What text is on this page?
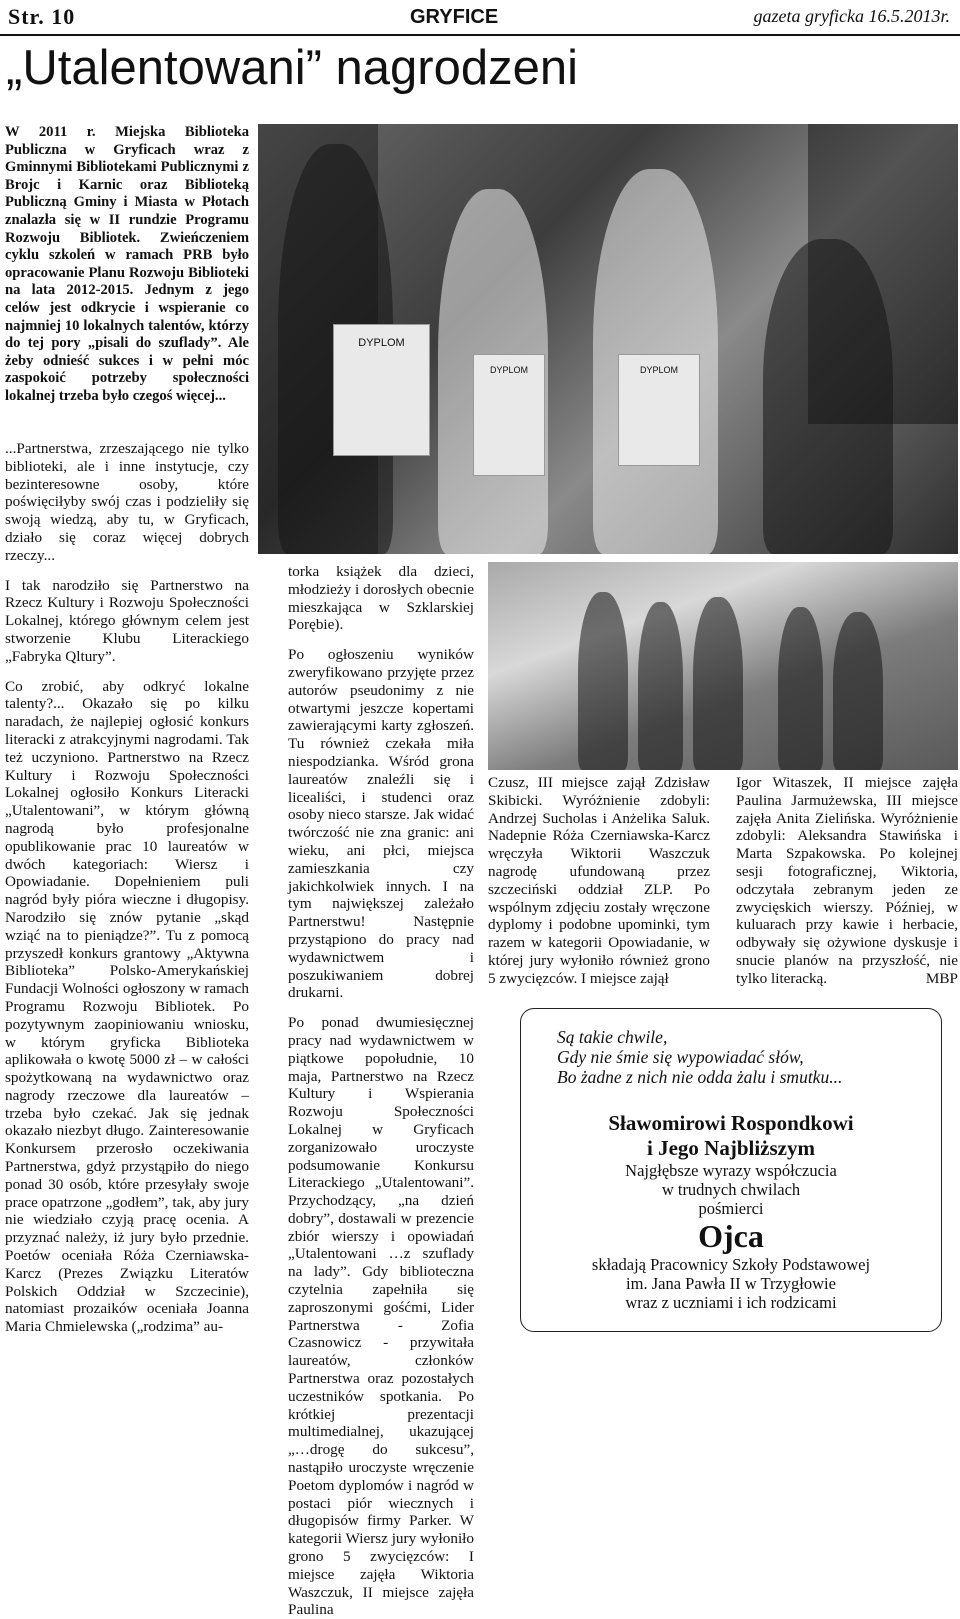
Str. 10	GRYFICE	gazeta gryficka 16.5.2013r.
„Utalentowani” nagrodzeni
W 2011 r. Miejska Biblioteka Publiczna w Gryficach wraz z Gminnymi Bibliotekami Publicznymi z Brojc i Karnic oraz Biblioteką Publiczną Gminy i Miasta w Płotach znalazła się w II rundzie Programu Rozwoju Bibliotek. Zwieńczeniem cyklu szkoleń w ramach PRB było opracowanie Planu Rozwoju Biblioteki na lata 2012-2015. Jednym z jego celów jest odkrycie i wspieranie co najmniej 10 lokalnych talentów, którzy do tej pory „pisali do szuflady”. Ale żeby odnieść sukces i w pełni móc zaspokoić potrzeby społeczności lokalnej trzeba było czegoś więcej...
DYPLOM
DYPLOM	DYPLOM

...Partnerstwa, zrzeszającego nie tylko biblioteki, ale i inne instytucje, czy bezinteresowne osoby, które poświęciłyby swój czas i podzieliły się swoją wiedzą, aby tu, w Gryficach, działo się coraz więcej dobrych rzeczy...

I tak narodziło się Partnerstwo na Rzecz Kultury i Rozwoju Społeczności Lokalnej, którego głównym celem jest stworzenie Klubu Literackiego „Fabryka Qltury”.

Co zrobić, aby odkryć lokalne talenty?... Okazało się po kilku naradach, że najlepiej ogłosić konkurs literacki z atrakcyjnymi nagrodami. Tak też uczyniono. Partnerstwo na Rzecz Kultury i Rozwoju Społeczności Lokalnej ogłosiło Konkurs Literacki „Utalentowani”, w którym główną nagrodą było profesjonalne opublikowanie prac 10 laureatów w dwóch kategoriach: Wiersz i Opowiadanie. Dopełnieniem puli nagród były pióra wieczne i długopisy. Narodziło się znów pytanie „skąd wziąć na to pieniądze?”. Tu z pomocą przyszedł konkurs grantowy „Aktywna Biblioteka” Polsko-Amerykańskiej Fundacji Wolności ogłoszony w ramach Programu Rozwoju Bibliotek. Po pozytywnym zaopiniowaniu wniosku, w którym gryficka Biblioteka aplikowała o kwotę 5000 zł – w całości spożytkowaną na wydawnictwo oraz nagrody rzeczowe dla laureatów – trzeba było czekać. Jak się jednak okazało niezbyt długo. Zainteresowanie Konkursem przerosło oczekiwania Partnerstwa, gdyż przystąpiło do niego ponad 30 osób, które przesyłały swoje prace opatrzone „godłem”, tak, aby jury nie wiedziało czyją pracę ocenia. A przyznać należy, iż jury było przednie. Poetów oceniała Róża Czerniawska-Karcz (Prezes Związku Literatów Polskich Oddział w Szczecinie), natomiast prozaików oceniała Joanna Maria Chmielewska („rodzima” au-

torka książek dla dzieci, młodzieży i dorosłych obecnie mieszkająca w Szklarskiej Porębie).

Po ogłoszeniu wyników zweryfikowano przyjęte przez autorów pseudonimy z nie otwartymi jeszcze kopertami zawierającymi karty zgłoszeń. Tu również czekała miła niespodzianka. Wśród grona laureatów znaleźli się i licealiści, i studenci oraz osoby nieco starsze. Jak widać twórczość nie zna granic: ani wieku, ani płci, miejsca zamieszkania czy jakichkolwiek innych. I na tym największej zależało Partnerstwu! Następnie przystąpiono do pracy nad wydawnictwem i poszukiwaniem dobrej drukarni.

Po ponad dwumiesięcznej pracy nad wydawnictwem w piątkowe popołudnie, 10 maja, Partnerstwo na Rzecz Kultury i Wspierania Rozwoju Społeczności Lokalnej w Gryficach zorganizowało uroczyste podsumowanie Konkursu Literackiego „Utalentowani”. Przychodzący, „na dzień dobry”, dostawali w prezencie zbiór wierszy i opowiadań „Utalentowani …z szuflady na lady”. Gdy biblioteczna czytelnia zapełniła się zaproszonymi gośćmi, Lider Partnerstwa - Zofia Czasnowicz - przywitała laureatów, członków Partnerstwa oraz pozostałych uczestników spotkania. Po krótkiej prezentacji multimedialnej, ukazującej „…drogę do sukcesu”, nastąpiło uroczyste wręczenie Poetom dyplomów i nagród w postaci piór wiecznych i długopisów firmy Parker. W kategorii Wiersz jury wyłoniło grono 5 zwycięzców: I miejsce zajęła Wiktoria Waszczuk, II miejsce zajęła Paulina

Czusz, III miejsce zajął Zdzisław Skibicki. Wyróżnienie zdobyli: Andrzej Sucholas i Anżelika Saluk. Nadepnie Róża Czerniawska-Karcz wręczyła Wiktorii Waszczuk nagrodę ufundowaną przez szczeciński oddział ZLP. Po wspólnym zdjęciu zostały wręczone dyplomy i podobne upominki, tym razem w kategorii Opowiadanie, w której jury wyłoniło również grono 5 zwycięzców. I miejsce zajął
Igor Witaszek, II miejsce zajęła Paulina Jarmużewska, III miejsce zajęła Anita Zielińska. Wyróżnienie zdobyli: Aleksandra Stawińska i Marta Szpakowska. Po kolejnej sesji fotograficznej, Wiktoria, odczytała zebranym jeden ze zwycięskich wierszy. Później, w kuluarach przy kawie i herbacie, odbywały się ożywione dyskusje i snucie planów na przyszłość, nie tylko literacką.	MBP
Są takie chwile,
Gdy nie śmie się wypowiadać słów,
Bo żadne z nich nie odda żalu i smutku...
Sławomirowi Rospondkowi
i Jego Najbliższym
Najgłębsze wyrazy współczucia
w trudnych chwilach
pośmierci
Ojca
składają Pracownicy Szkoły Podstawowej
im. Jana Pawła II w Trzygłowie
wraz z uczniami i ich rodzicami
